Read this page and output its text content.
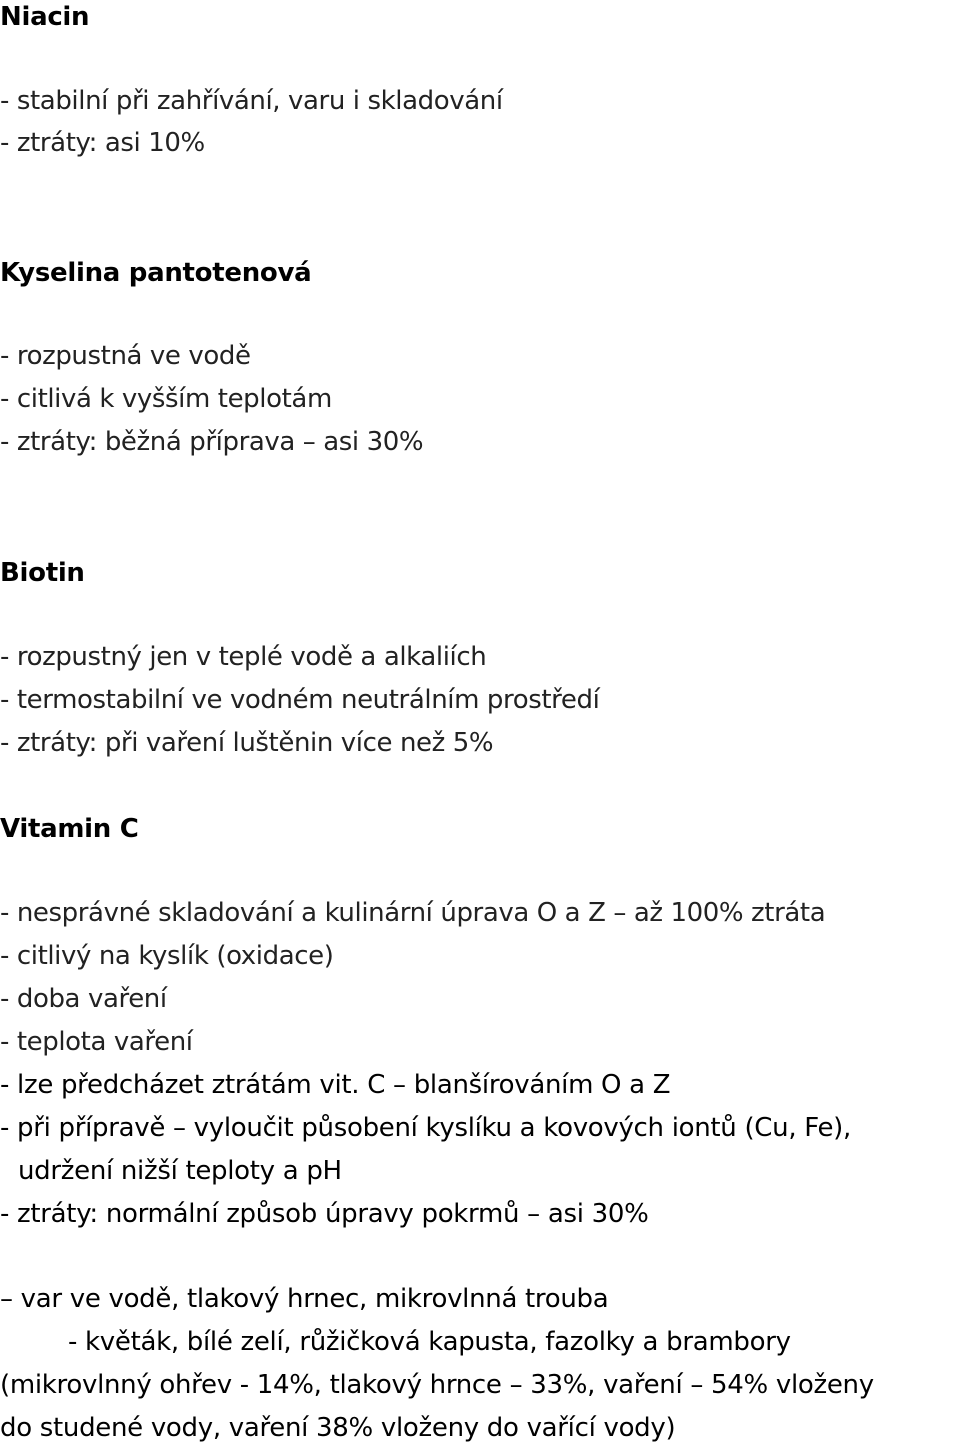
Niacin
- stabilní při zahřívání, varu i skladování
- ztráty: asi 10%
Kyselina pantotenová
- rozpustná ve vodě
- citlivá k vyšším teplotám
- ztráty: běžná příprava – asi 30%
Biotin
- rozpustný jen v teplé vodě a alkaliích
- termostabilní ve vodném neutrálním prostředí
- ztráty: při vaření luštěnin více než 5%
Vitamin C
- nesprávné skladování a kulinární úprava O a Z – až 100% ztráta
- citlivý na kyslík (oxidace)
- doba vaření
- teplota vaření
- lze předcházet ztrátám vit. C – blanšírováním O a Z
- při přípravě – vyloučit působení kyslíku a kovových iontů (Cu, Fe),
udržení nižší teploty a pH
- ztráty: normální způsob úpravy pokrmů – asi 30%
– var ve vodě, tlakový hrnec, mikrovlnná trouba
- květák, bílé zelí, růžičková kapusta, fazolky a brambory
(mikrovlnný ohřev - 14%, tlakový hrnce – 33%, vaření – 54% vloženy
do studené vody, vaření 38% vloženy do vařící vody)
